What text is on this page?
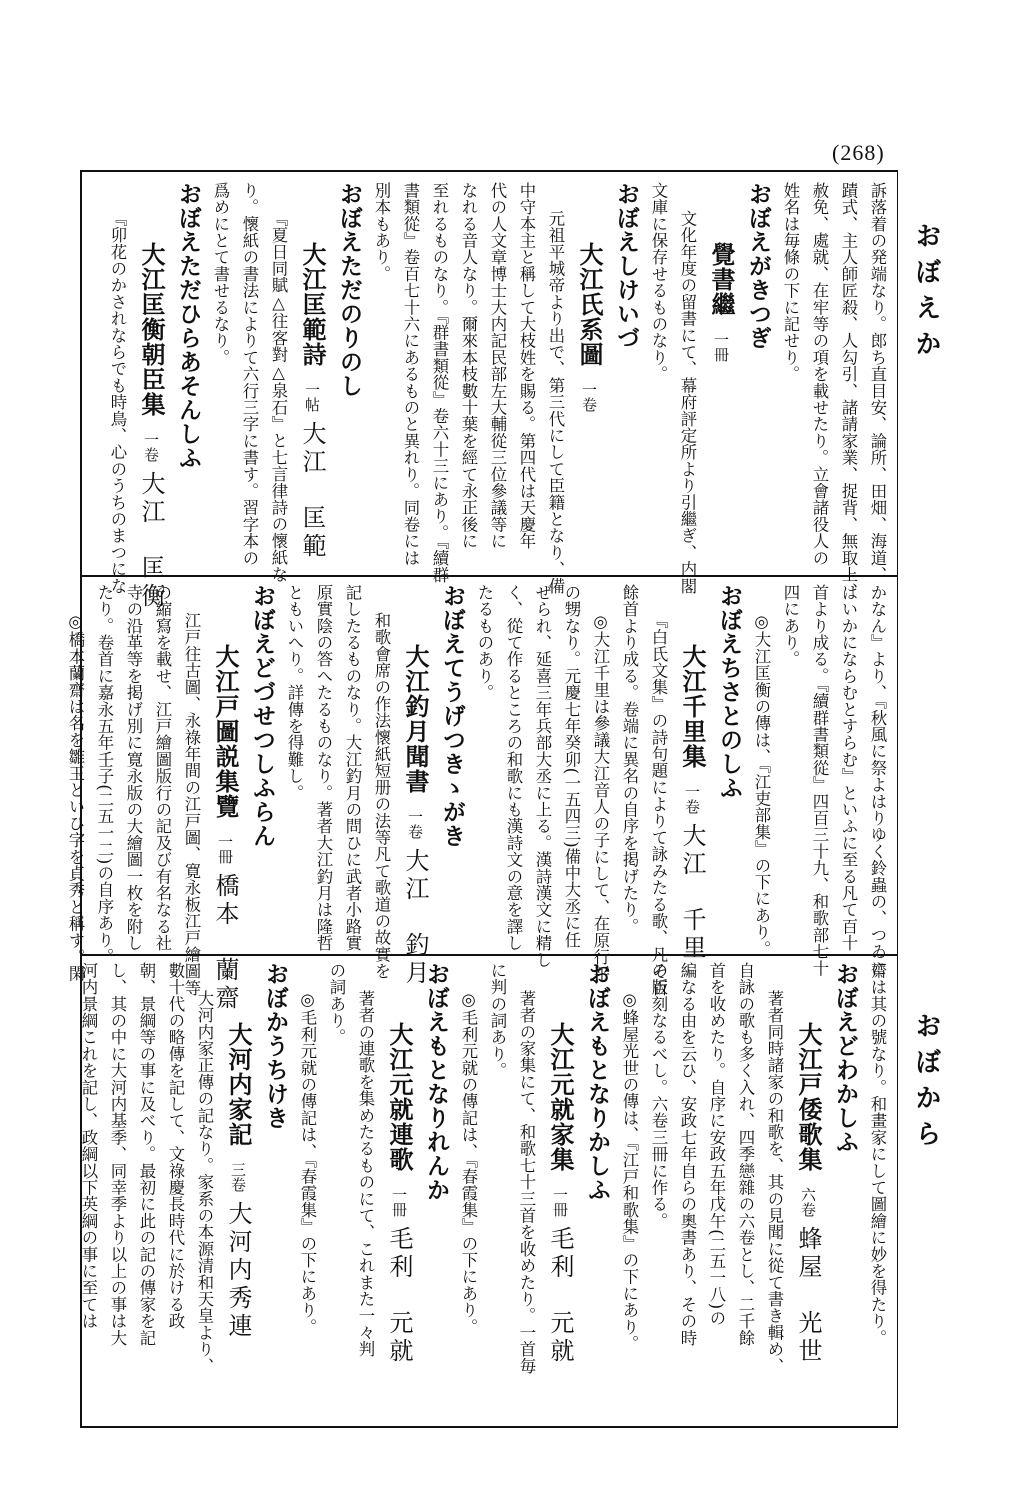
(268)
おぼえか
おぼから
訴落着の発端なり。郎ち直目安、論所、田畑、海道、
蹟式、主人師匠殺、人勾引、諸請家業、捉背、無取上、
赦免、處就、在牢等の項を載せたり。立會諸役人の
姓名は毎條の下に記せり。
おぼえがきつぎ
覺書繼一冊
文化年度の留書にて、幕府評定所より引繼ぎ、内閣
文庫に保存せるものなり。
おぼえしけいづ
大江氏系圖一卷
元祖平城帝より出で、第三代にして臣籍となり、備
中守本主と稱して大枝姓を賜る。第四代は天慶年
代の人文章博士大内記民部左大輔從三位參議等に
なれる音人なり。爾來本枝數十葉を經て永正後に
至れるものなり。『群書類從』卷六十三にあり。『續群
書類從』卷百七十六にあるものと異れり。同卷には
別本もあり。
おぼえただのりのし
大江匡範詩一帖大江　匡範
『夏日同賦△往客對△泉石』と七言律詩の懷紙な
り。懷紙の書法によりて六行三字に書す。習字本の
爲めにとて書せるなり。
おぼえただひらあそんしふ
大江匡衡朝臣集一卷大江　匡衡
『卯花のかされならでも時鳥、心のうちのまつにな
かなん』より、『秋風に祭よはりゆく鈴蟲の、つゐに
はいかにならむとすらむ』といふに至る凡て百十
首より成る。『續群書類從』四百三十九、和歌部七十
四にあり。
◎大江匡衡の傳は、『江吏部集』の下にあり。
おぼえちさとのしふ
大江千里集一卷大江　千里
『白氏文集』の詩句題によりて詠みたる歌、凡そ百
餘首より成る。卷端に異名の自序を掲げたり。
◎大江千里は參議大江音人の子にして、在原行平
の甥なり。元慶七年癸卯(一五四三)備中大丞に任
ぜられ、延喜三年兵部大丞に上る。漢詩漢文に精し
く、從て作るところの和歌にも漢詩文の意を譯し
たるものあり。
おぼえてうげつきゝがき
大江釣月聞書一卷大江　釣月
和歌會席の作法懷紙短册の法等凡て歌道の故實を
記したるものなり。大江釣月の問ひに武者小路實
原實陰の答へたるものなり。著者大江釣月は隆哲
ともいへり。詳傳を得難し。
おぼえどづせつしふらん
大江戸圖説集覽一冊橋本　蘭齋
江戸往古圖、永祿年間の江戸圖、寛永板江戸繪圖等
の縮寫を載せ、江戸繪圖版行の記及び有名なる社
寺の沿革等を掲げ別に寛永版の大繪圖一枚を附し
たり。卷首に嘉永五年壬子(二五一二)の自序あり。
◎橋本蘭齋は名を雛玉といひ字を貞秀と稱す。閑
齋は其の號なり。和畫家にして圖繪に妙を得たり。
おぼえどわかしふ
大江戸倭歌集六卷蜂屋　光世
著者同時諸家の和歌を、其の見聞に從て書き輯め、
自詠の歌も多く入れ、四季戀雜の六卷とし、二千餘
首を收めたり。自序に安政五年戊午(二五一八)の
編なる由を云ひ、安政七年自らの奧書あり、その時
の版刻なるべし。六卷三冊に作る。
◎蜂屋光世の傳は、『江戸和歌集』の下にあり。
おぼえもとなりかしふ
大江元就家集一冊毛利　元就
著者の家集にて、和歌七十三首を收めたり。一首毎
に判の詞あり。
◎毛利元就の傳記は、『春霞集』の下にあり。
おぼえもとなりれんか
大江元就連歌一冊毛利　元就
著者の連歌を集めたるものにて、これまた一々判
の詞あり。
◎毛利元就の傳記は、『春霞集』の下にあり。
おぼかうちけき
大河内家記三卷大河内秀連
大河内家正傳の記なり。家系の本源清和天皇より、
數十代の略傳を記して、文祿慶長時代に於ける政
朝、景綱等の事に及べり。最初に此の記の傳家を記
し、其の中に大河内基季、同幸季より以上の事は大
河内景綱これを記し、政綱以下英綱の事に至ては
